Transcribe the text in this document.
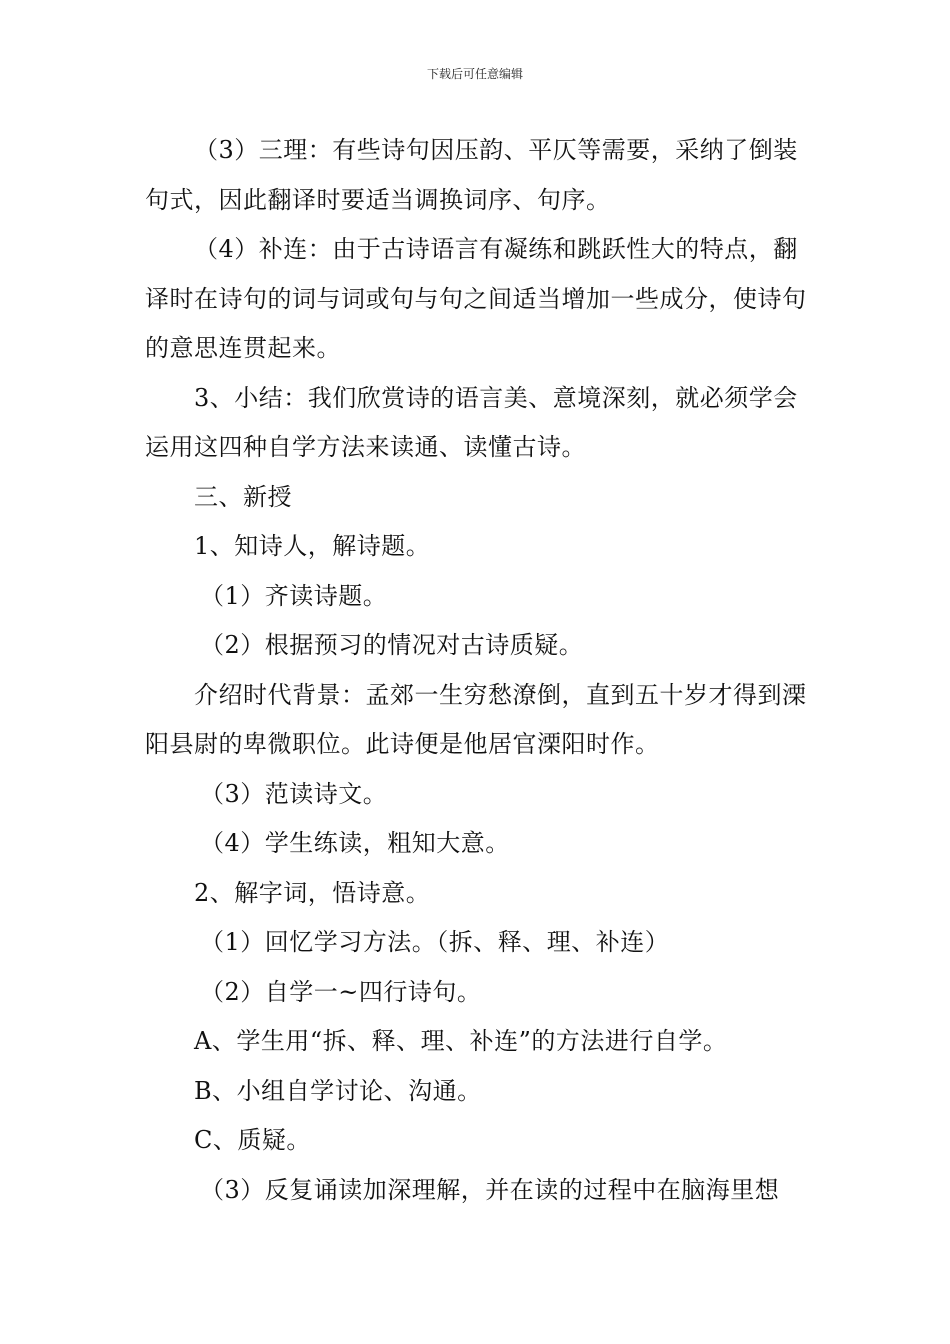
下载后可任意编辑

（3）三理：有些诗句因压韵、平仄等需要，采纳了倒装句式，因此翻译时要适当调换词序、句序。

（4）补连：由于古诗语言有凝练和跳跃性大的特点，翻译时在诗句的词与词或句与句之间适当增加一些成分，使诗句的意思连贯起来。

3、小结：我们欣赏诗的语言美、意境深刻，就必须学会运用这四种自学方法来读通、读懂古诗。

三、新授

1、知诗人，解诗题。

（1）齐读诗题。

（2）根据预习的情况对古诗质疑。

介绍时代背景：孟郊一生穷愁潦倒，直到五十岁才得到溧阳县尉的卑微职位。此诗便是他居官溧阳时作。

（3）范读诗文。

（4）学生练读，粗知大意。

2、解字词，悟诗意。

（1）回忆学习方法。（拆、释、理、补连）

（2）自学一~四行诗句。

A、学生用“拆、释、理、补连”的方法进行自学。

B、小组自学讨论、沟通。

C、质疑。

（3）反复诵读加深理解，并在读的过程中在脑海里想
